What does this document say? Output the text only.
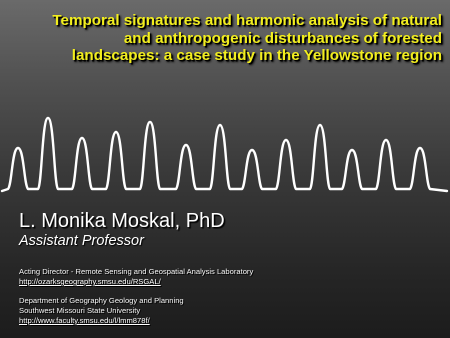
Temporal signatures and harmonic analysis of natural and anthropogenic disturbances of forested landscapes: a case study in the Yellowstone region
L. Monika Moskal, PhD
Assistant Professor
Acting Director - Remote Sensing and Geospatial Analysis Laboratory
http://ozarksgeography.smsu.edu/RSGAL/
Department of Geography Geology and Planning
Southwest Missouri State University
http://www.faculty.smsu.edu/l/lmm878f/
